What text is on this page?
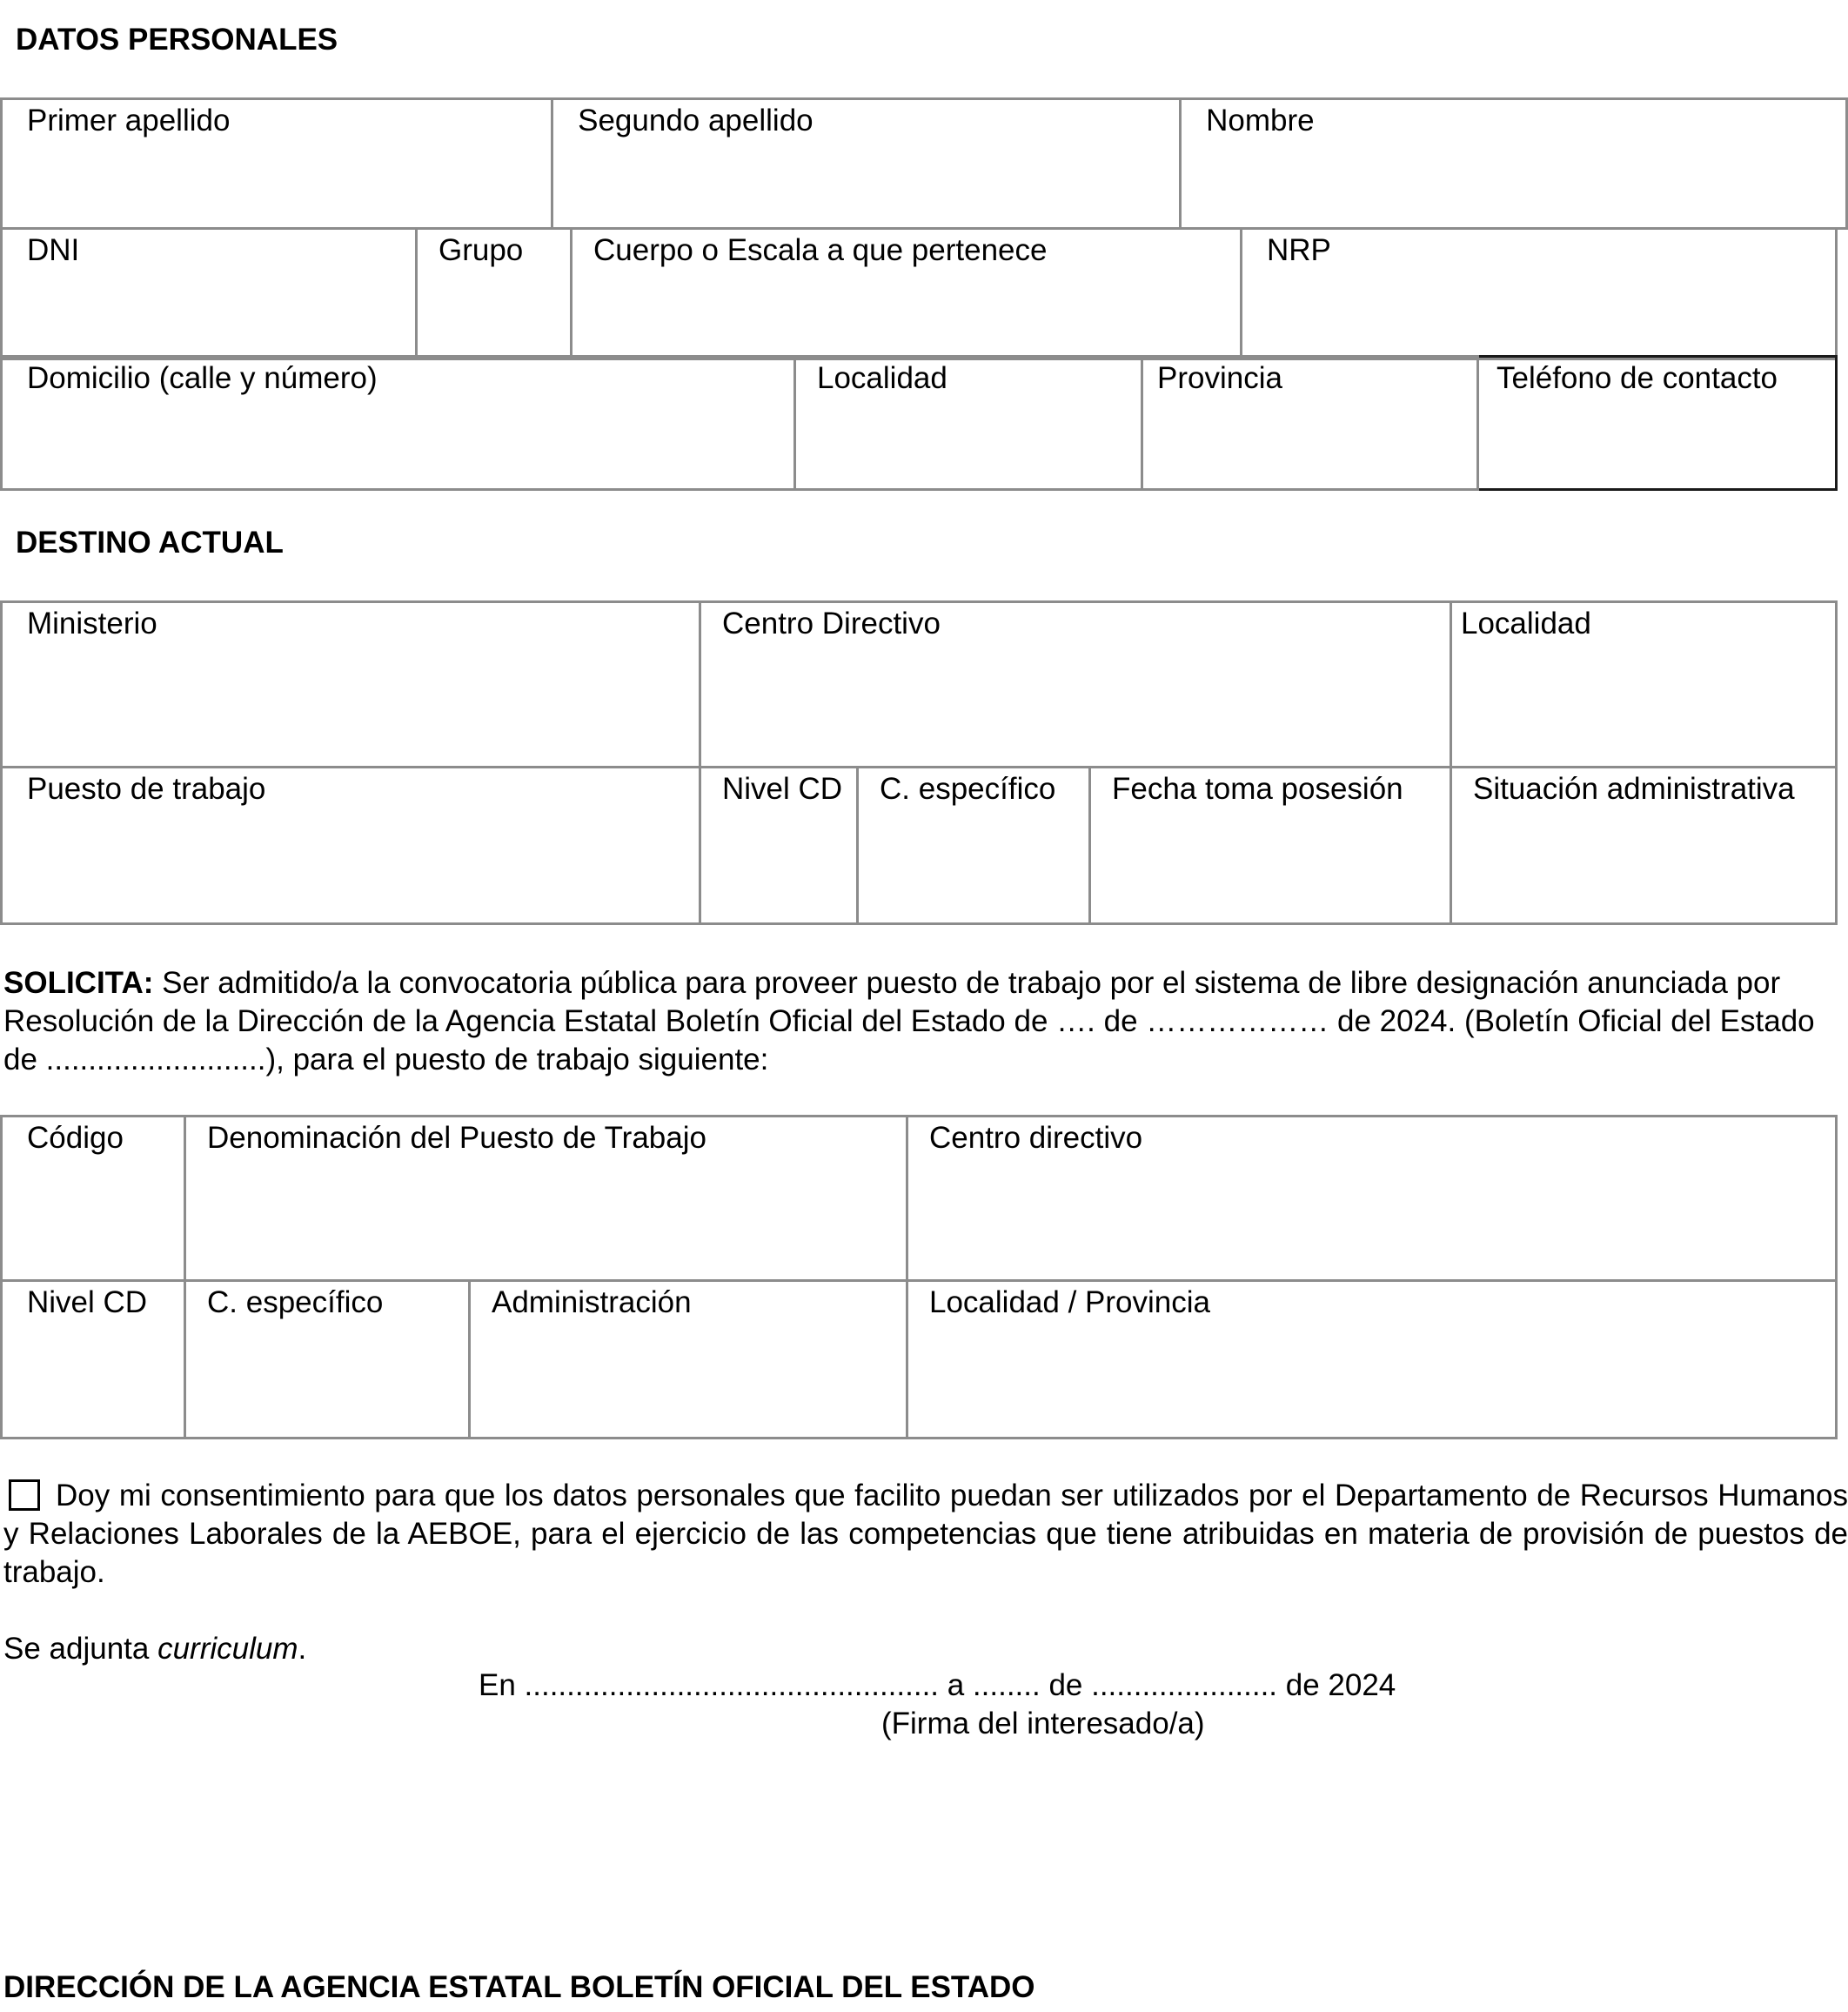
DATOS PERSONALES
Primer apellido	Segundo apellido	Nombre
DNI	Grupo	Cuerpo o Escala a que pertenece	NRP
Domicilio (calle y número)	Localidad	Provincia	Teléfono de contacto
DESTINO ACTUAL
Ministerio	Centro Directivo			Localidad
Puesto de trabajo	Nivel CD	C. específico	Fecha toma posesión	Situación administrativa
SOLICITA: Ser admitido/a la convocatoria pública para proveer puesto de trabajo por el sistema de libre designación anunciada por Resolución de la Dirección de la Agencia Estatal Boletín Oficial del Estado de …. de ……………… de 2024. (Boletín Oficial del Estado de ..........................), para el puesto de trabajo siguiente:
Código	Denominación del Puesto de Trabajo		Centro directivo
Nivel CD	C. específico	Administración	Localidad / Provincia
Doy mi consentimiento para que los datos personales que facilito puedan ser utilizados por el Departamento de Recursos Humanos y Relaciones Laborales de la AEBOE, para el ejercicio de las competencias que tiene atribuidas en materia de provisión de puestos de trabajo.
Se adjunta curriculum.
En ................................................. a ........ de ...................... de 2024
(Firma del interesado/a)
DIRECCIÓN DE LA AGENCIA ESTATAL BOLETÍN OFICIAL DEL ESTADO
